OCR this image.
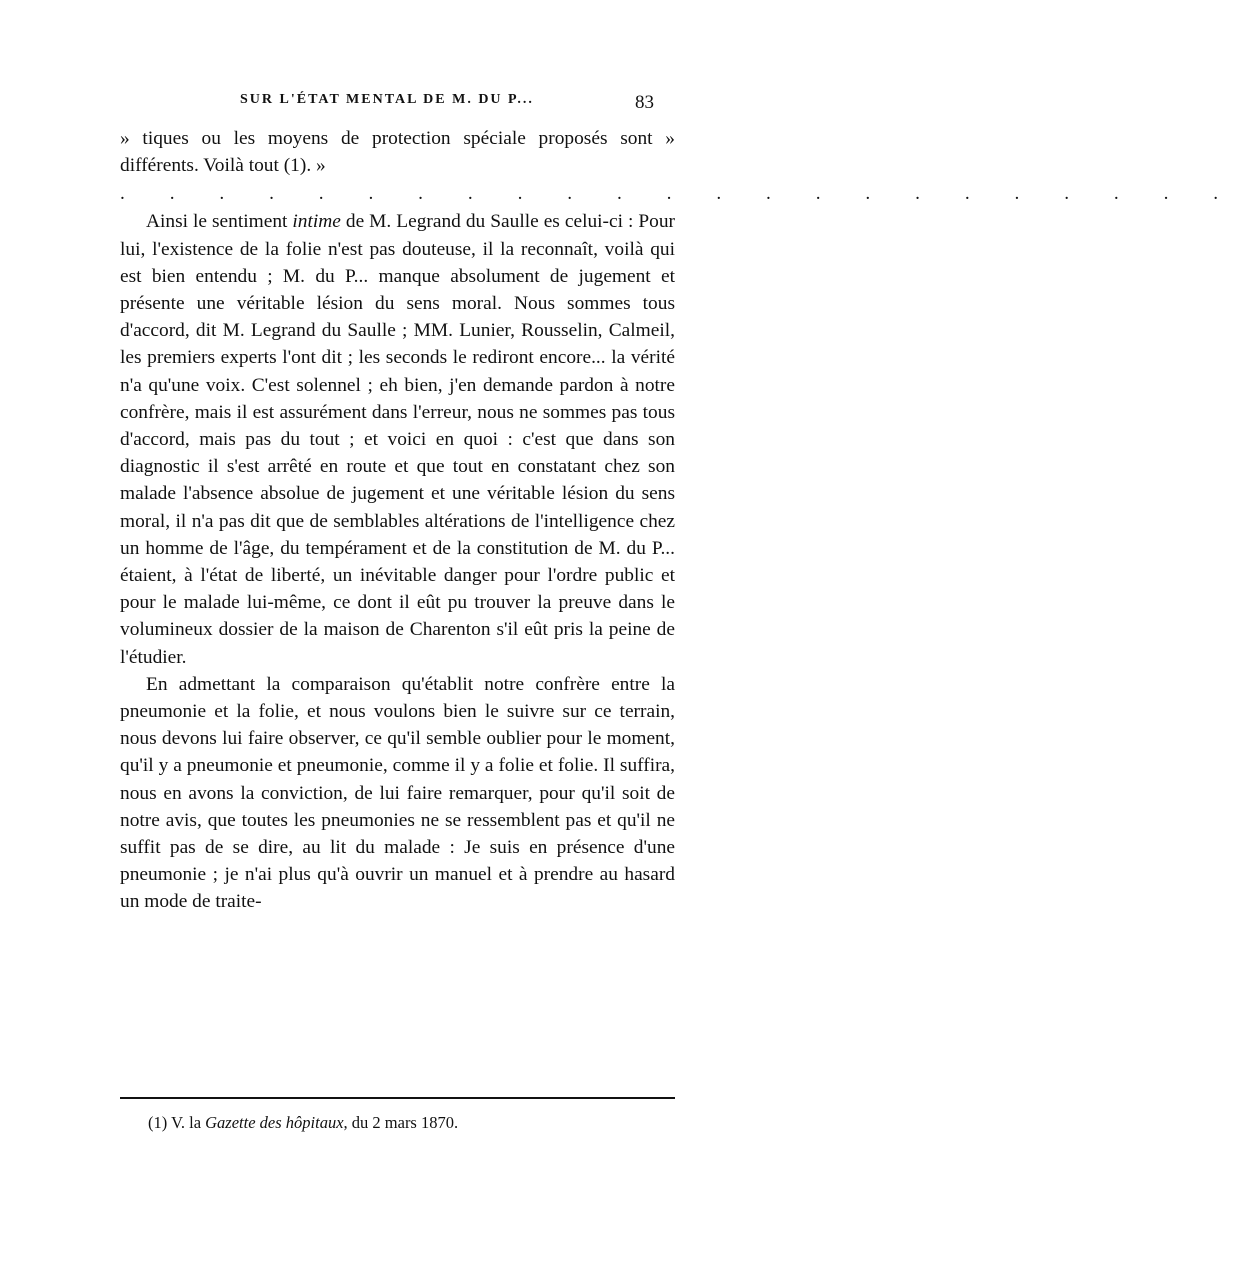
SUR L'ÉTAT MENTAL DE M. DU P...	83

» tiques ou les moyens de protection spéciale proposés sont » différents. Voilà tout (1). »

. . . . . . . . . . . . . . . . . . . . . . .

Ainsi le sentiment intime de M. Legrand du Saulle es celui-ci : Pour lui, l'existence de la folie n'est pas douteuse, il la reconnaît, voilà qui est bien entendu ; M. du P... manque absolument de jugement et présente une véritable lésion du sens moral. Nous sommes tous d'accord, dit M. Legrand du Saulle ; MM. Lunier, Rousselin, Calmeil, les premiers experts l'ont dit ; les seconds le rediront encore... la vérité n'a qu'une voix. C'est solennel ; eh bien, j'en demande pardon à notre confrère, mais il est assurément dans l'erreur, nous ne sommes pas tous d'accord, mais pas du tout ; et voici en quoi : c'est que dans son diagnostic il s'est arrêté en route et que tout en constatant chez son malade l'absence absolue de jugement et une véritable lésion du sens moral, il n'a pas dit que de semblables altérations de l'intelligence chez un homme de l'âge, du tempérament et de la constitution de M. du P... étaient, à l'état de liberté, un inévitable danger pour l'ordre public et pour le malade lui-même, ce dont il eût pu trouver la preuve dans le volumineux dossier de la maison de Charenton s'il eût pris la peine de l'étudier.

En admettant la comparaison qu'établit notre confrère entre la pneumonie et la folie, et nous voulons bien le suivre sur ce terrain, nous devons lui faire observer, ce qu'il semble oublier pour le moment, qu'il y a pneumonie et pneumonie, comme il y a folie et folie. Il suffira, nous en avons la conviction, de lui faire remarquer, pour qu'il soit de notre avis, que toutes les pneumonies ne se ressemblent pas et qu'il ne suffit pas de se dire, au lit du malade : Je suis en présence d'une pneumonie ; je n'ai plus qu'à ouvrir un manuel et à prendre au hasard un mode de traite-

(1) V. la Gazette des hôpitaux, du 2 mars 1870.
